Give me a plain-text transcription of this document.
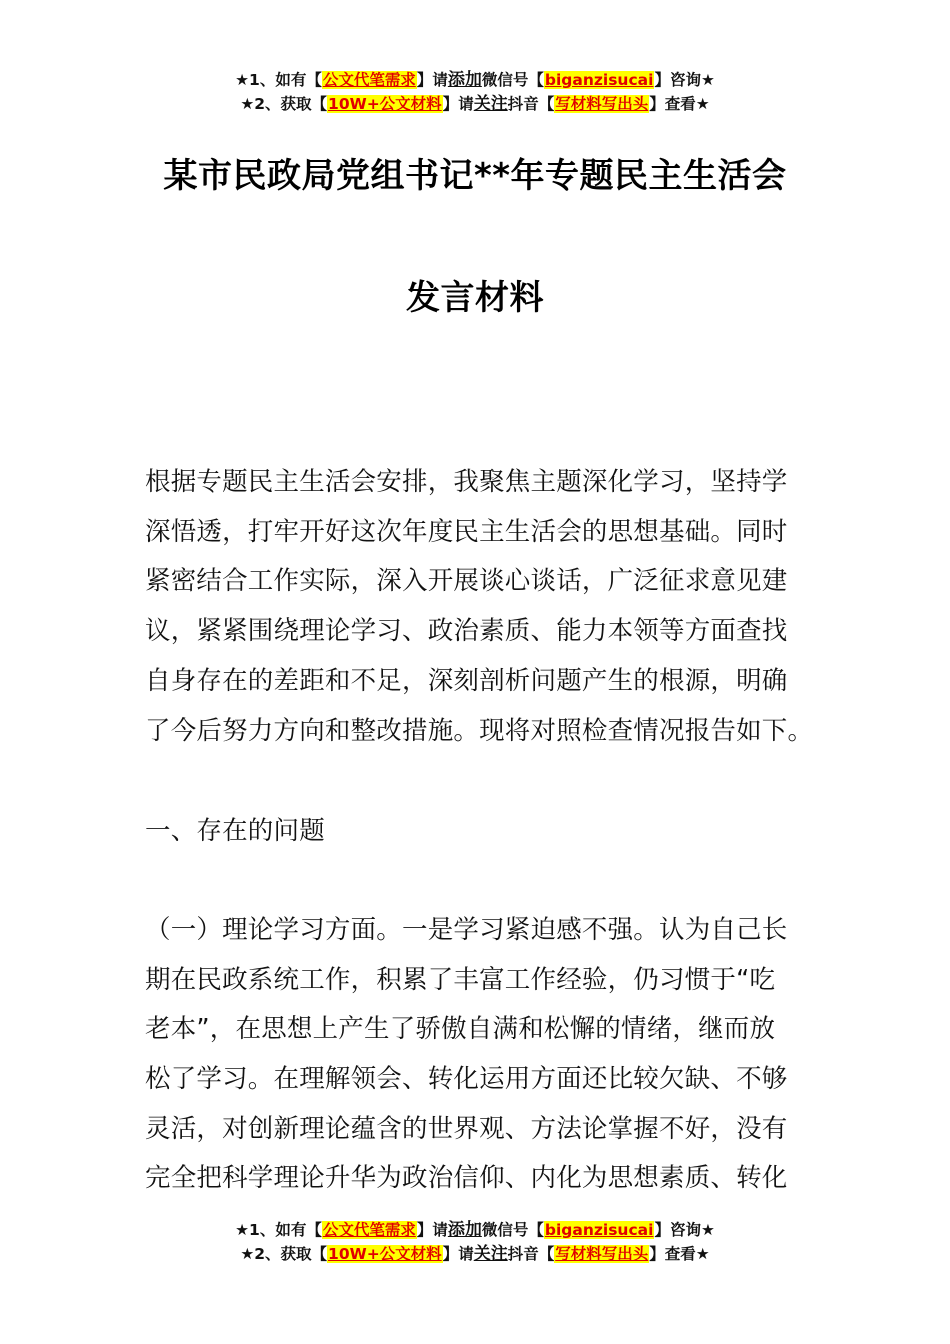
★1、如有【公文代笔需求】请添加微信号【biganzisucai】咨询★
★2、获取【10W+公文材料】请关注抖音【写材料写出头】查看★
某市民政局党组书记**年专题民主生活会
发言材料
根据专题民主生活会安排，我聚焦主题深化学习，坚持学
深悟透，打牢开好这次年度民主生活会的思想基础。同时
紧密结合工作实际，深入开展谈心谈话，广泛征求意见建
议，紧紧围绕理论学习、政治素质、能力本领等方面查找
自身存在的差距和不足，深刻剖析问题产生的根源，明确
了今后努力方向和整改措施。现将对照检查情况报告如下。
一、存在的问题
（一）理论学习方面。一是学习紧迫感不强。认为自己长
期在民政系统工作，积累了丰富工作经验，仍习惯于“吃
老本”，在思想上产生了骄傲自满和松懈的情绪，继而放
松了学习。在理解领会、转化运用方面还比较欠缺、不够
灵活，对创新理论蕴含的世界观、方法论掌握不好，没有
完全把科学理论升华为政治信仰、内化为思想素质、转化
★1、如有【公文代笔需求】请添加微信号【biganzisucai】咨询★
★2、获取【10W+公文材料】请关注抖音【写材料写出头】查看★
